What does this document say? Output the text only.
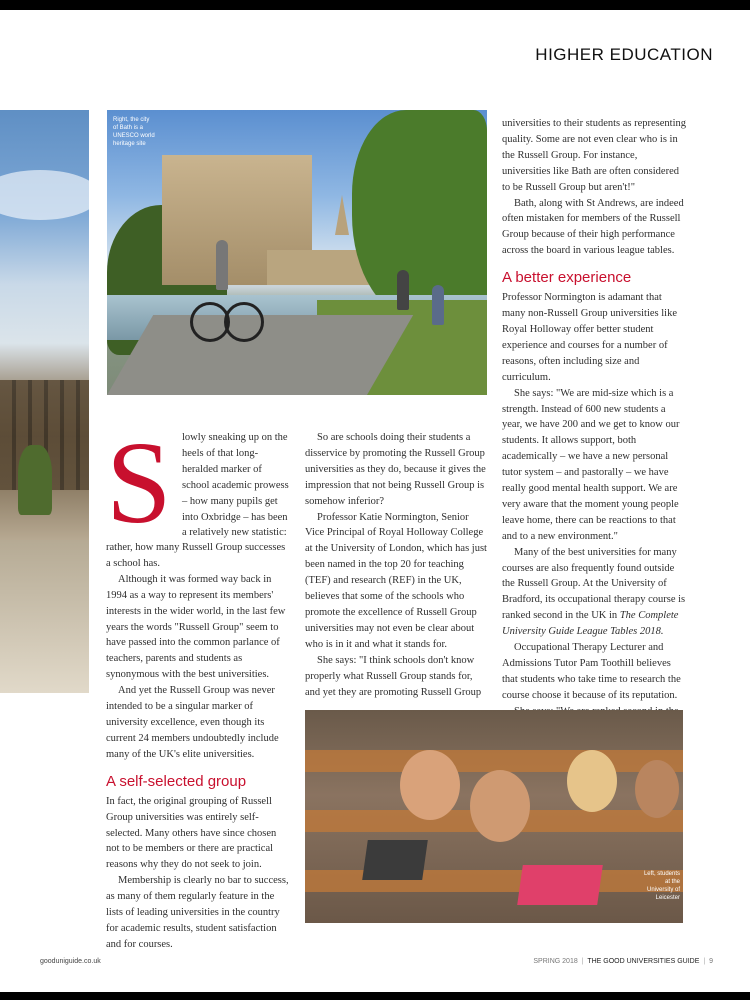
HIGHER EDUCATION
Right, the city of Bath is a UNESCO world heritage site

universities to their students as representing quality. Some are not even clear who is in the Russell Group. For instance, universities like Bath are often considered to be Russell Group but aren't!"

Bath, along with St Andrews, are indeed often mistaken for members of the Russell Group because of their high performance across the board in various league tables.

A better experience

Professor Normington is adamant that many non-Russell Group universities like Royal Holloway offer better student experience and courses for a number of reasons, often including size and curriculum.

She says: "We are mid-size which is a strength. Instead of 600 new students a year, we have 200 and we get to know our students. It allows support, both academically – we have a new personal tutor system – and pastorally – we have really good mental health support. We are very aware that the moment young people leave home, there can be reactions to that and to a new environment."

Many of the best universities for many courses are also frequently found outside the Russell Group. At the University of Bradford, its occupational therapy course is ranked second in the UK in The Complete University Guide League Tables 2018.

Occupational Therapy Lecturer and Admissions Tutor Pam Toothill believes that students who take time to research the course choose it because of its reputation.

S lowly sneaking up on the heels of that long-heralded marker of school academic prowess – how many pupils get into Oxbridge – has been a relatively new statistic:

rather, how many Russell Group successes a school has.

Although it was formed way back in 1994 as a way to represent its members' interests in the wider world, in the last few years the words "Russell Group" seem to have passed into the common parlance of teachers, parents and students as synonymous with the best universities.

And yet the Russell Group was never intended to be a singular marker of university excellence, even though its current 24 members undoubtedly include many of the UK's elite universities.

A self-selected group

In fact, the original grouping of Russell Group universities was entirely self-selected. Many others have since chosen not to be members or there are practical reasons why they do not seek to join.

Membership is clearly no bar to success, as many of them regularly feature in the lists of leading universities in the country for academic results, student satisfaction and for courses.

So are schools doing their students a disservice by promoting the Russell Group universities as they do, because it gives the impression that not being Russell Group is somehow inferior?

Professor Katie Normington, Senior Vice Principal of Royal Holloway College at the University of London, which has just been named in the top 20 for teaching (TEF) and research (REF) in the UK, believes that some of the schools who promote the excellence of Russell Group universities may not even be clear about who is in it and what it stands for.

She says: "I think schools don't know properly what Russell Group stands for, and yet they are promoting Russell Group

Left, students at the University of Leicester
gooduniguide.co.uk	SPRING 2018 | THE GOOD UNIVERSITIES GUIDE | 9
